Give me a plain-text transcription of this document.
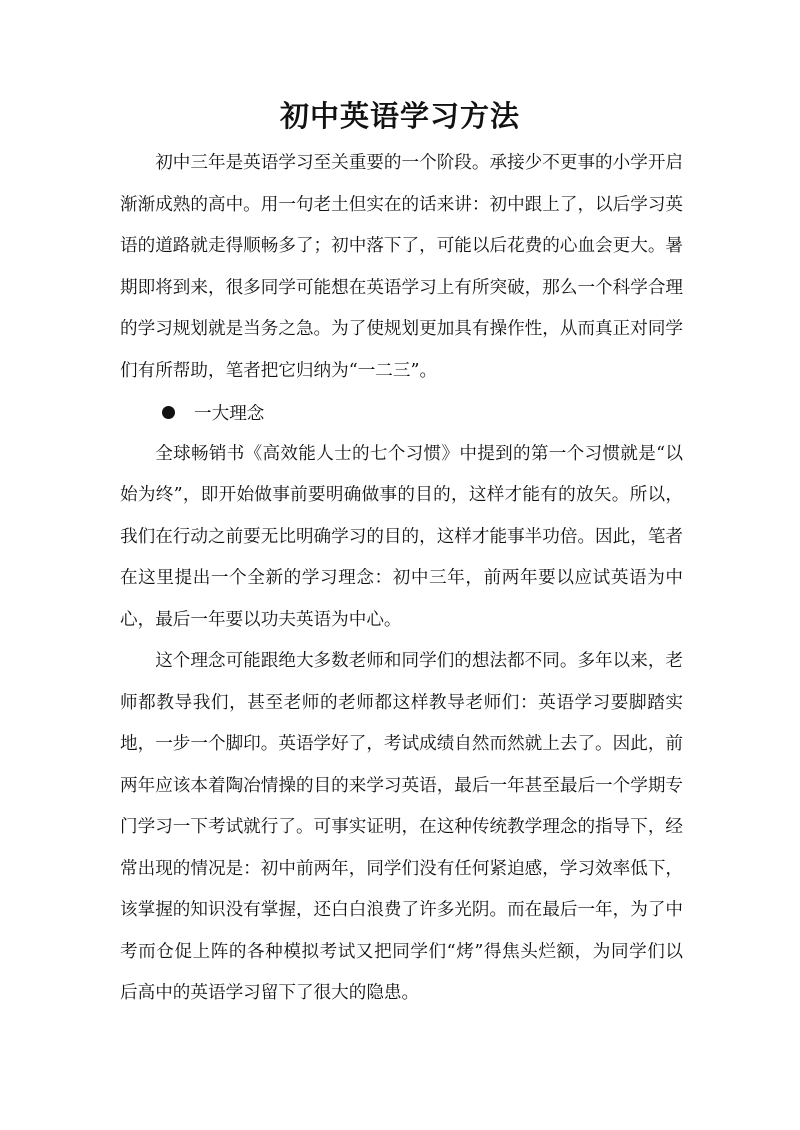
初中英语学习方法

初中三年是英语学习至关重要的一个阶段。承接少不更事的小学开启渐渐成熟的高中。用一句老土但实在的话来讲：初中跟上了，以后学习英语的道路就走得顺畅多了；初中落下了，可能以后花费的心血会更大。暑期即将到来，很多同学可能想在英语学习上有所突破，那么一个科学合理的学习规划就是当务之急。为了使规划更加具有操作性，从而真正对同学们有所帮助，笔者把它归纳为“一二三”。

一大理念

全球畅销书《高效能人士的七个习惯》中提到的第一个习惯就是“以始为终”，即开始做事前要明确做事的目的，这样才能有的放矢。所以，我们在行动之前要无比明确学习的目的，这样才能事半功倍。因此，笔者在这里提出一个全新的学习理念：初中三年，前两年要以应试英语为中心，最后一年要以功夫英语为中心。

这个理念可能跟绝大多数老师和同学们的想法都不同。多年以来，老师都教导我们，甚至老师的老师都这样教导老师们：英语学习要脚踏实地，一步一个脚印。英语学好了，考试成绩自然而然就上去了。因此，前两年应该本着陶冶情操的目的来学习英语，最后一年甚至最后一个学期专门学习一下考试就行了。可事实证明，在这种传统教学理念的指导下，经常出现的情况是：初中前两年，同学们没有任何紧迫感，学习效率低下，该掌握的知识没有掌握，还白白浪费了许多光阴。而在最后一年，为了中考而仓促上阵的各种模拟考试又把同学们“烤”得焦头烂额，为同学们以后高中的英语学习留下了很大的隐患。
